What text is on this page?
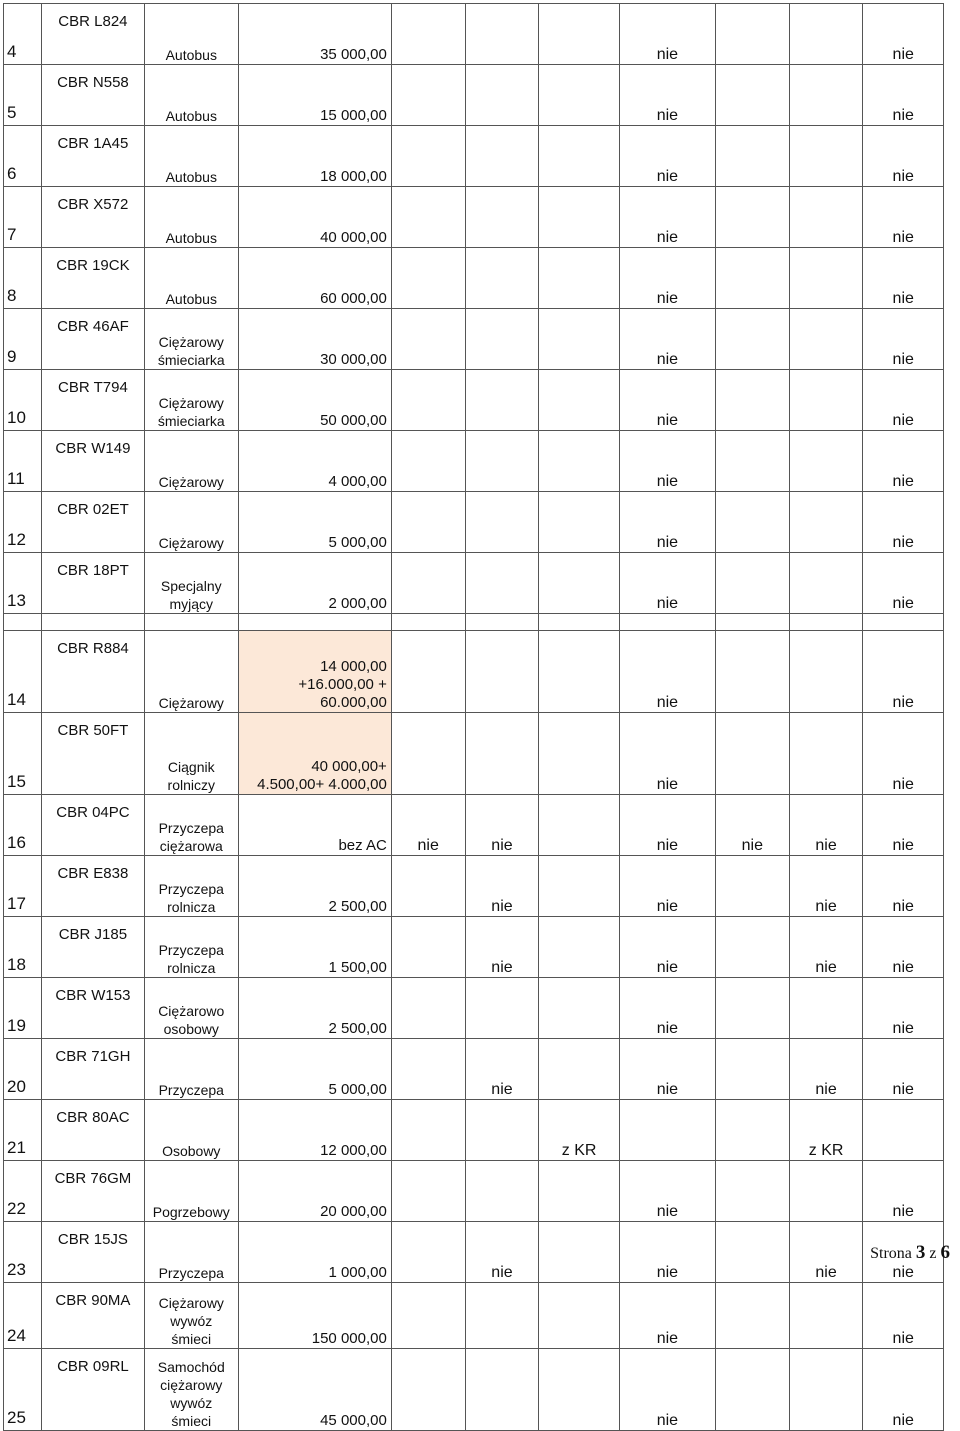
4	CBR L824	Autobus	35 000,00				nie			nie
5	CBR N558	Autobus	15 000,00				nie			nie
6	CBR 1A45	Autobus	18 000,00				nie			nie
7	CBR X572	Autobus	40 000,00				nie			nie
8	CBR 19CK	Autobus	60 000,00				nie			nie
9	CBR 46AF	Ciężarowy śmieciarka	30 000,00				nie			nie
10	CBR T794	Ciężarowy śmieciarka	50 000,00				nie			nie
11	CBR W149	Ciężarowy	4 000,00				nie			nie
12	CBR 02ET	Ciężarowy	5 000,00				nie			nie
13	CBR 18PT	Specjalny myjący	2 000,00				nie			nie

14	CBR R884	Ciężarowy	14 000,00 +16.000,00 + 60.000,00				nie			nie
15	CBR 50FT	Ciągnik rolniczy	40 000,00+ 4.500,00+ 4.000,00				nie			nie
16	CBR 04PC	Przyczepa ciężarowa	bez AC	nie	nie		nie	nie	nie	nie
17	CBR E838	Przyczepa rolnicza	2 500,00		nie		nie		nie	nie
18	CBR J185	Przyczepa rolnicza	1 500,00		nie		nie		nie	nie
19	CBR W153	Ciężarowo osobowy	2 500,00				nie			nie
20	CBR 71GH	Przyczepa	5 000,00		nie		nie		nie	nie
21	CBR 80AC	Osobowy	12 000,00			z KR			z KR	
22	CBR 76GM	Pogrzebowy	20 000,00				nie			nie
23	CBR 15JS	Przyczepa	1 000,00		nie		nie		nie	nie
24	CBR 90MA	Ciężarowy wywóz śmieci	150 000,00				nie			nie
25	CBR 09RL	Samochód ciężarowy wywóz śmieci	45 000,00				nie			nie
Strona 3 z 6
